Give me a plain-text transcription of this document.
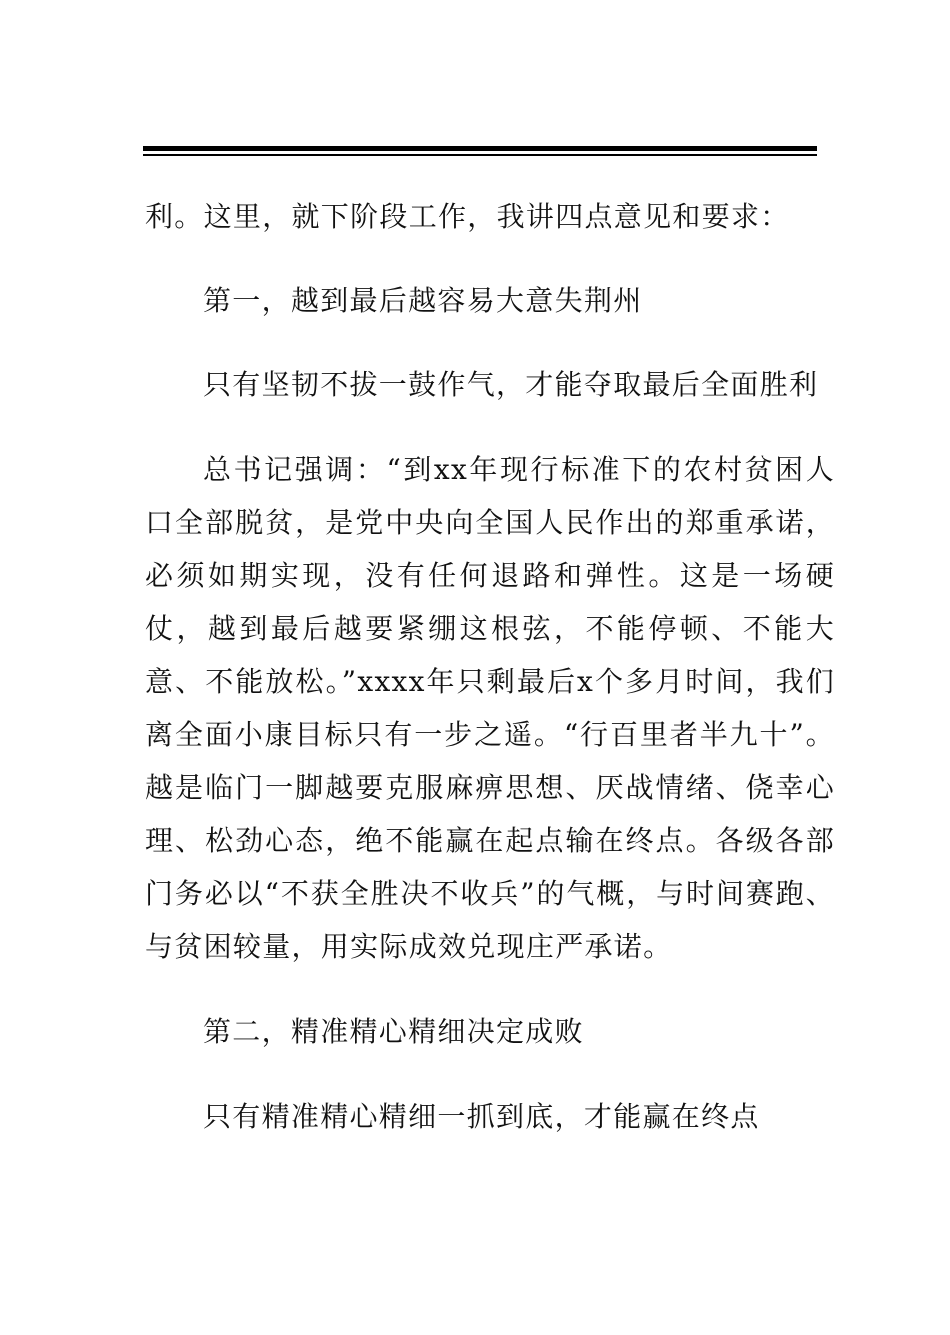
利。这里，就下阶段工作，我讲四点意见和要求：

第一，越到最后越容易大意失荆州

只有坚韧不拔一鼓作气，才能夺取最后全面胜利

总书记强调：“到xx年现行标准下的农村贫困人口全部脱贫，是党中央向全国人民作出的郑重承诺，必须如期实现，没有任何退路和弹性。这是一场硬仗，越到最后越要紧绷这根弦，不能停顿、不能大意、不能放松。”xxxx年只剩最后x个多月时间，我们离全面小康目标只有一步之遥。“行百里者半九十”。越是临门一脚越要克服麻痹思想、厌战情绪、侥幸心理、松劲心态，绝不能赢在起点输在终点。各级各部门务必以“不获全胜决不收兵”的气概，与时间赛跑、与贫困较量，用实际成效兑现庄严承诺。

第二，精准精心精细决定成败

只有精准精心精细一抓到底，才能赢在终点
